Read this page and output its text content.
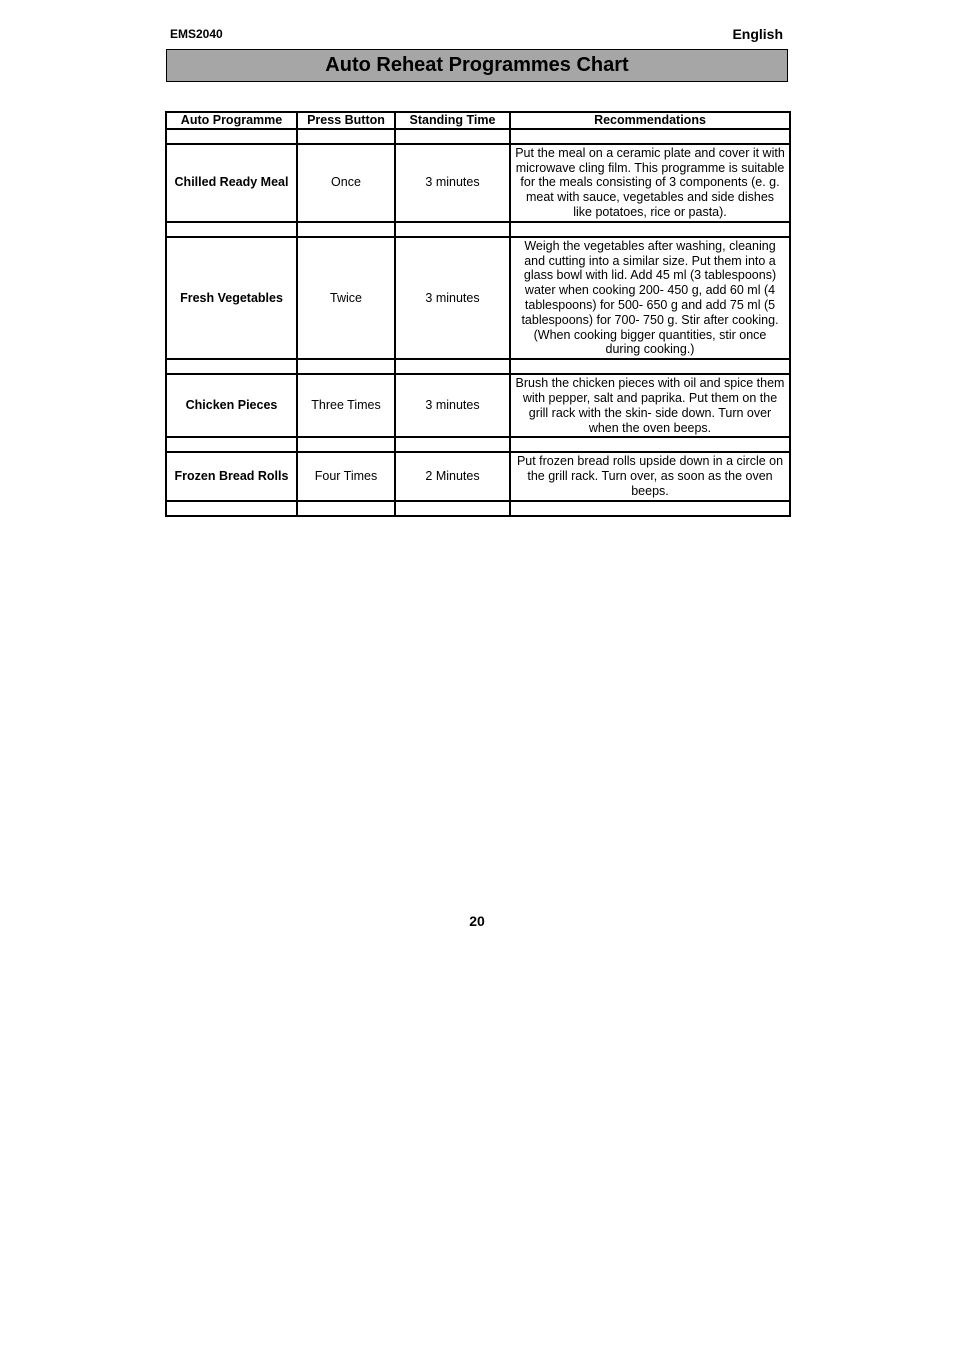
EMS2040	English
Auto Reheat Programmes Chart
Auto Programme	Press Button	Standing Time	Recommendations

Chilled Ready Meal	Once	3 minutes	Put the meal on a ceramic plate and cover it with microwave cling film. This programme is suitable for the meals consisting of 3 components (e. g. meat with sauce, vegetables and side dishes like potatoes, rice or pasta).

Fresh Vegetables	Twice	3 minutes	Weigh the vegetables after washing, cleaning and cutting into a similar size. Put them into a glass bowl with lid. Add 45 ml (3 tablespoons) water when cooking 200- 450 g, add 60 ml (4 tablespoons) for 500- 650 g and add 75 ml (5 tablespoons) for 700- 750 g. Stir after cooking. (When cooking bigger quantities, stir once during cooking.)

Chicken Pieces	Three Times	3 minutes	Brush the chicken pieces with oil and spice them with pepper, salt and paprika. Put them on the grill rack with the skin- side down. Turn over when the oven beeps.

Frozen Bread Rolls	Four Times	2 Minutes	Put frozen bread rolls upside down in a circle on the grill rack. Turn over, as soon as the oven beeps.

20
